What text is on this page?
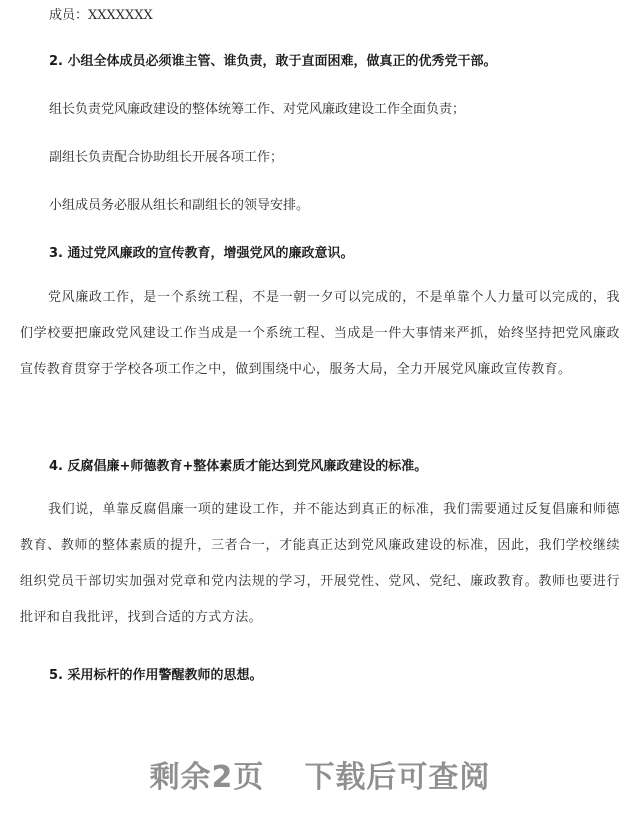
成员：XXXXXXX
2. 小组全体成员必须谁主管、谁负责，敢于直面困难，做真正的优秀党干部。
组长负责党风廉政建设的整体统筹工作、对党风廉政建设工作全面负责；
副组长负责配合协助组长开展各项工作；
小组成员务必服从组长和副组长的领导安排。
3. 通过党风廉政的宣传教育，增强党风的廉政意识。
党风廉政工作，是一个系统工程，不是一朝一夕可以完成的，不是单靠个人力量可以完成的，我们学校要把廉政党风建设工作当成是一个系统工程、当成是一件大事情来严抓，始终坚持把党风廉政宣传教育贯穿于学校各项工作之中，做到围绕中心，服务大局，全力开展党风廉政宣传教育。
4. 反腐倡廉+师德教育+整体素质才能达到党风廉政建设的标准。
我们说，单靠反腐倡廉一项的建设工作，并不能达到真正的标准，我们需要通过反复倡廉和师德教育、教师的整体素质的提升，三者合一，才能真正达到党风廉政建设的标准，因此，我们学校继续组织党员干部切实加强对党章和党内法规的学习，开展党性、党风、党纪、廉政教育。教师也要进行批评和自我批评，找到合适的方式方法。
5. 采用标杆的作用警醒教师的思想。
剩余2页 下载后可查阅
